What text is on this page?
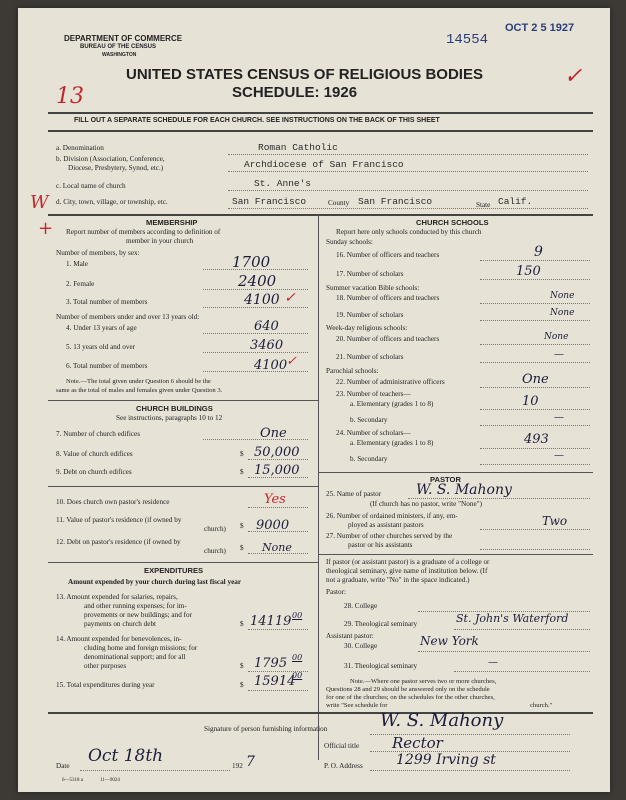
DEPARTMENT OF COMMERCE
BUREAU OF THE CENSUS
WASHINGTON
14554
OCT 2 5 1927
✓
13
UNITED STATES CENSUS OF RELIGIOUS BODIES
SCHEDULE: 1926
FILL OUT A SEPARATE SCHEDULE FOR EACH CHURCH. SEE INSTRUCTIONS ON THE BACK OF THIS SHEET
a. Denomination	Roman Catholic
b. Division (Association, Conference,
Diocese, Presbytery, Synod, etc.)	Archdiocese of San Francisco
c. Local name of church	St. Anne's
W
+
d. City, town, village, or township, etc.	San Francisco	County San Francisco	State Calif.
MEMBERSHIP
Report number of members according to definition of
member in your church
Number of members, by sex:
1. Male	1700
2. Female	2400
3. Total number of members	4100 ✓
Number of members under and over 13 years old:
4. Under 13 years of age	640
5. 13 years old and over	3460
6. Total number of members	4100
✓
Note.—The total given under Question 6 should be the
same as the total of males and females given under Question 3.
CHURCH BUILDINGS
See instructions, paragraphs 10 to 12
7. Number of church edifices	One
8. Value of church edifices	$ 50,000
9. Debt on church edifices	$ 15,000
10. Does church own pastor's residence	Yes
11. Value of pastor's residence (if owned by
church) $ 9000
12. Debt on pastor's residence (if owned by
church) $ None
EXPENDITURES
Amount expended by your church during last fiscal year
13. Amount expended for salaries, repairs,
and other running expenses; for im-
provements or new buildings; and for
payments on church debt	$ 14119 00
14. Amount expended for benevolences, in-
cluding home and foreign missions; for
denominational support; and for all
other purposes	$ 1795 00
15. Total expenditures during year	$ 15914
00
CHURCH SCHOOLS
Report here only schools conducted by this church
Sunday schools:
16. Number of officers and teachers	9
17. Number of scholars	150
Summer vacation Bible schools:
18. Number of officers and teachers	None
19. Number of scholars	None
Week-day religious schools:
20. Number of officers and teachers	None
21. Number of scholars	—
Parochial schools:
22. Number of administrative officers	One
23. Number of teachers—
a. Elementary (grades 1 to 8)	10
b. Secondary	—
24. Number of scholars—
a. Elementary (grades 1 to 8)	493
b. Secondary	—
PASTOR
25. Name of pastor W. S. Mahony
(If church has no pastor, write "None")
26. Number of ordained ministers, if any, em-
ployed as assistant pastors	Two
27. Number of other churches served by the
pastor or his assistants
If pastor (or assistant pastor) is a graduate of a college or
theological seminary, give name of institution below. (If
not a graduate, write "No" in the space indicated.)
Pastor:
28. College
29. Theological seminary	St. John's Waterford
Assistant pastor:
30. College	New York
31. Theological seminary	—
Note.—Where one pastor serves two or more churches,
Questions 28 and 29 should be answered only on the schedule
for one of the churches; on the schedules for the other churches,
write "See schedule for	church."
Signature of person furnishing information	W. S. Mahony
Official title Rector
Date Oct 18th	192 7	P. O. Address 1299 Irving st
6—5318 a	11—9024
